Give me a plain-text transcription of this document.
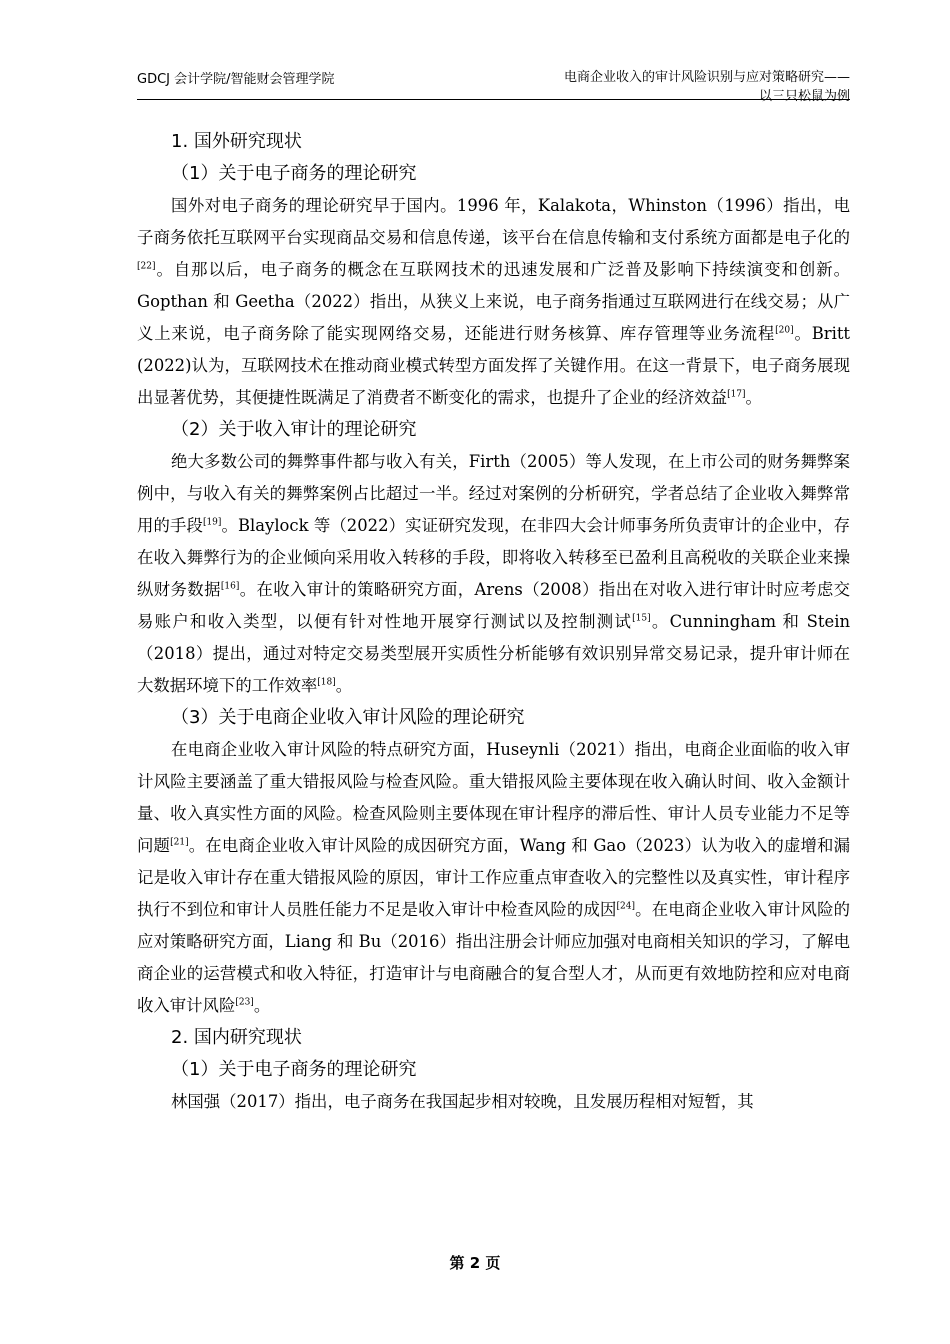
GDCJ 会计学院/智能财会管理学院	电商企业收入的审计风险识别与应对策略研究——
以三只松鼠为例
1. 国外研究现状
（1）关于电子商务的理论研究

国外对电子商务的理论研究早于国内。1996 年，Kalakota，Whinston（1996）指出，电子商务依托互联网平台实现商品交易和信息传递，该平台在信息传输和支付系统方面都是电子化的[22]。自那以后，电子商务的概念在互联网技术的迅速发展和广泛普及影响下持续演变和创新。Gopthan 和 Geetha（2022）指出，从狭义上来说，电子商务指通过互联网进行在线交易；从广义上来说，电子商务除了能实现网络交易，还能进行财务核算、库存管理等业务流程[20]。Britt (2022)认为，互联网技术在推动商业模式转型方面发挥了关键作用。在这一背景下，电子商务展现出显著优势，其便捷性既满足了消费者不断变化的需求，也提升了企业的经济效益[17]。

（2）关于收入审计的理论研究

绝大多数公司的舞弊事件都与收入有关，Firth（2005）等人发现，在上市公司的财务舞弊案例中，与收入有关的舞弊案例占比超过一半。经过对案例的分析研究，学者总结了企业收入舞弊常用的手段[19]。Blaylock 等（2022）实证研究发现，在非四大会计师事务所负责审计的企业中，存在收入舞弊行为的企业倾向采用收入转移的手段，即将收入转移至已盈利且高税收的关联企业来操纵财务数据[16]。在收入审计的策略研究方面，Arens（2008）指出在对收入进行审计时应考虑交易账户和收入类型，以便有针对性地开展穿行测试以及控制测试[15]。Cunningham 和 Stein（2018）提出，通过对特定交易类型展开实质性分析能够有效识别异常交易记录，提升审计师在大数据环境下的工作效率[18]。

（3）关于电商企业收入审计风险的理论研究

在电商企业收入审计风险的特点研究方面，Huseynli（2021）指出，电商企业面临的收入审计风险主要涵盖了重大错报风险与检查风险。重大错报风险主要体现在收入确认时间、收入金额计量、收入真实性方面的风险。检查风险则主要体现在审计程序的滞后性、审计人员专业能力不足等问题[21]。在电商企业收入审计风险的成因研究方面，Wang 和 Gao（2023）认为收入的虚增和漏记是收入审计存在重大错报风险的原因，审计工作应重点审查收入的完整性以及真实性，审计程序执行不到位和审计人员胜任能力不足是收入审计中检查风险的成因[24]。在电商企业收入审计风险的应对策略研究方面，Liang 和 Bu（2016）指出注册会计师应加强对电商相关知识的学习，了解电商企业的运营模式和收入特征，打造审计与电商融合的复合型人才，从而更有效地防控和应对电商收入审计风险[23]。

2. 国内研究现状
（1）关于电子商务的理论研究

林国强（2017）指出，电子商务在我国起步相对较晚，且发展历程相对短暂，其

第 2 页
